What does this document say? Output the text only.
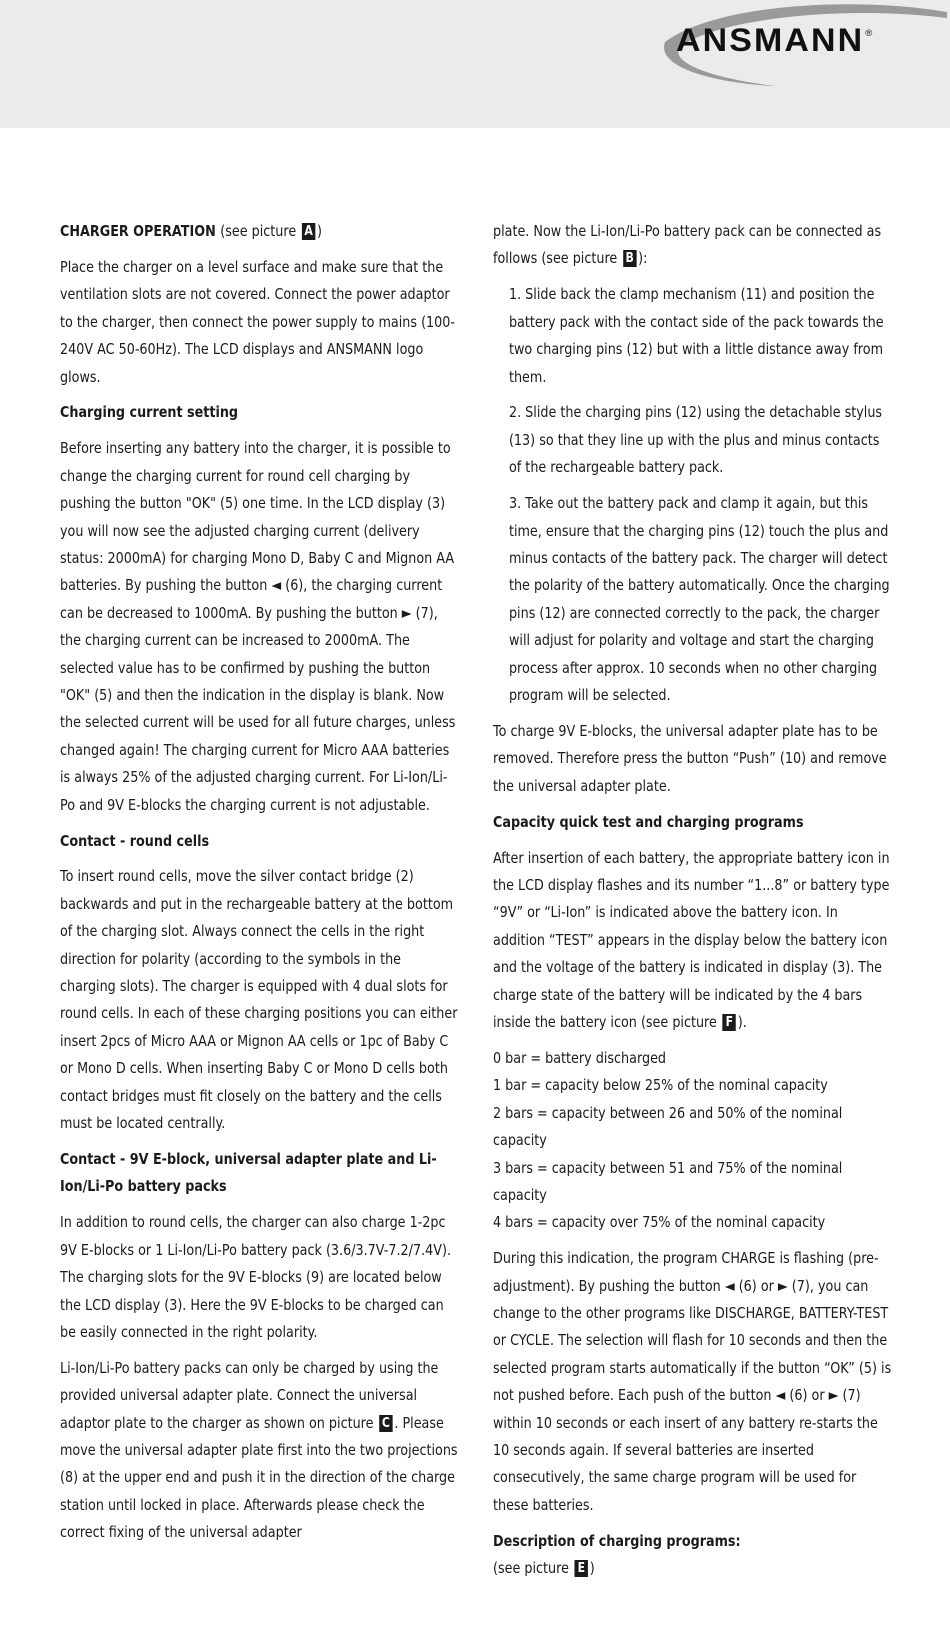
ANSMANN®

CHARGER OPERATION (see picture A )

Place the charger on a level surface and make sure that the ventilation slots are not covered. Connect the power adaptor to the charger, then connect the power supply to mains (100-240V AC 50-60Hz). The LCD displays and ANSMANN logo glows.

Charging current setting

Before inserting any battery into the charger, it is possible to change the charging current for round cell charging by pushing the button "OK" (5) one time. In the LCD display (3) you will now see the adjusted charging current (delivery status: 2000mA) for charging Mono D, Baby C and Mignon AA batteries. By pushing the button ◄ (6), the charging current can be decreased to 1000mA. By pushing the button ► (7), the charging current can be increased to 2000mA. The selected value has to be confirmed by pushing the button "OK" (5) and then the indication in the display is blank. Now the selected current will be used for all future charges, unless changed again! The charging current for Micro AAA batteries is always 25% of the adjusted charging current. For Li-Ion/Li-Po and 9V E-blocks the charging current is not adjustable.

Contact - round cells

To insert round cells, move the silver contact bridge (2) backwards and put in the rechargeable battery at the bottom of the charging slot. Always connect the cells in the right direction for polarity (according to the symbols in the charging slots). The charger is equipped with 4 dual slots for round cells. In each of these charging positions you can either insert 2pcs of Micro AAA or Mignon AA cells or 1pc of Baby C or Mono D cells. When inserting Baby C or Mono D cells both contact bridges must fit closely on the battery and the cells must be located centrally.

Contact - 9V E-block, universal adapter plate and Li-Ion/Li-Po battery packs

In addition to round cells, the charger can also charge 1-2pc 9V E-blocks or 1 Li-Ion/Li-Po battery pack (3.6/3.7V-7.2/7.4V). The charging slots for the 9V E-blocks (9) are located below the LCD display (3). Here the 9V E-blocks to be charged can be easily connected in the right polarity.

Li-Ion/Li-Po battery packs can only be charged by using the provided universal adapter plate. Connect the universal adaptor plate to the charger as shown on picture C . Please move the universal adapter plate first into the two projections (8) at the upper end and push it in the direction of the charge station until locked in place. Afterwards please check the correct fixing of the universal adapter

plate. Now the Li-Ion/Li-Po battery pack can be connected as follows (see picture B ):

1. Slide back the clamp mechanism (11) and position the battery pack with the contact side of the pack towards the two charging pins (12) but with a little distance away from them.

2. Slide the charging pins (12) using the detachable stylus (13) so that they line up with the plus and minus contacts of the rechargeable battery pack.

3. Take out the battery pack and clamp it again, but this time, ensure that the charging pins (12) touch the plus and minus contacts of the battery pack. The charger will detect the polarity of the battery automatically. Once the charging pins (12) are connected correctly to the pack, the charger will adjust for polarity and voltage and start the charging process after approx. 10 seconds when no other charging program will be selected.

To charge 9V E-blocks, the universal adapter plate has to be removed. Therefore press the button “Push” (10) and remove the universal adapter plate.

Capacity quick test and charging programs

After insertion of each battery, the appropriate battery icon in the LCD display flashes and its number “1...8” or battery type “9V” or “Li-Ion” is indicated above the battery icon. In addition “TEST” appears in the display below the battery icon and the voltage of the battery is indicated in display (3). The charge state of the battery will be indicated by the 4 bars inside the battery icon (see picture F ).

0 bar = battery discharged

1 bar = capacity below 25% of the nominal capacity

2 bars = capacity between 26 and 50% of the nominal capacity

3 bars = capacity between 51 and 75% of the nominal capacity

4 bars = capacity over 75% of the nominal capacity

During this indication, the program CHARGE is flashing (pre-adjustment). By pushing the button ◄ (6) or ► (7), you can change to the other programs like DISCHARGE, BATTERY-TEST or CYCLE. The selection will flash for 10 seconds and then the selected program starts automatically if the button “OK” (5) is not pushed before. Each push of the button ◄ (6) or ► (7) within 10 seconds or each insert of any battery re-starts the 10 seconds again. If several batteries are inserted consecutively, the same charge program will be used for these batteries.

Description of charging programs:

(see picture E )
